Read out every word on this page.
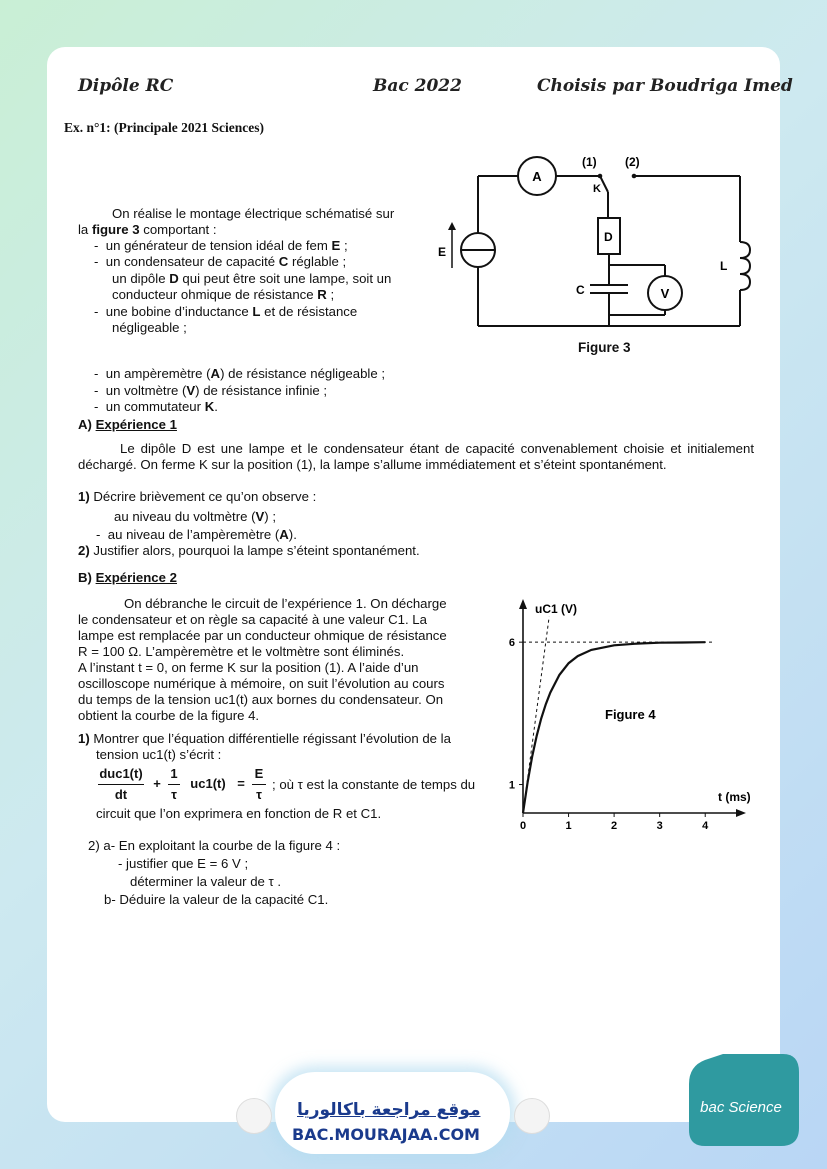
Dipôle RC	Bac 2022	Choisis par Boudriga Imed
Ex. n°1: (Principale 2021 Sciences)
On réalise le montage électrique schématisé sur
la figure 3 comportant :
- un générateur de tension idéal de fem E ;
- un condensateur de capacité C réglable ;
un dipôle D qui peut être soit une lampe, soit un
conducteur ohmique de résistance R ;
-  une bobine d’inductance L et de résistance
négligeable ;
- un ampèremètre (A) de résistance négligeable ;
- un voltmètre (V) de résistance infinie ;
- un commutateur K.
A
V
E
(1) (2)
K
D
C
L
Figure 3
A) Expérience 1
Le dipôle D est une lampe et le condensateur étant de capacité convenablement choisie et initialement déchargé. On ferme K sur la position (1), la lampe s’allume immédiatement et s’éteint spontanément.
1) Décrire brièvement ce qu’on observe :
au niveau du voltmètre (V) ;
- au niveau de l’ampèremètre (A).
2) Justifier alors, pourquoi la lampe s’éteint spontanément.
B) Expérience 2
On débranche le circuit de l’expérience 1. On décharge
le condensateur et on règle sa capacité à une valeur C1. La
lampe est remplacée par un conducteur ohmique de résistance
R = 100 Ω. L’ampèremètre et le voltmètre sont éliminés.
A l’instant t = 0, on ferme K sur la position (1). A l’aide d’un
oscilloscope numérique à mémoire, on suit l’évolution au cours
du temps de la tension uc1(t) aux bornes du condensateur. On
obtient la courbe de la figure 4.
1) Montrer que l’équation différentielle régissant l’évolution de la
tension uc1(t) s’écrit :
duc1(t)
dt
+
1
τ
uc1(t) =
E
τ
; où τ est la constante de temps du
circuit que l’on exprimera en fonction de R et C1.
2) a- En exploitant la courbe de la figure 4 :
- justifier que E = 6 V ;
déterminer la valeur de τ .
b- Déduire la valeur de la capacité C1.
0	1	2	3	4
1
6
uC1 (V)
t (ms)
Figure 4
موقع مراجعة باكالوريا
BAC.MOURAJAA.COM
bac Science
